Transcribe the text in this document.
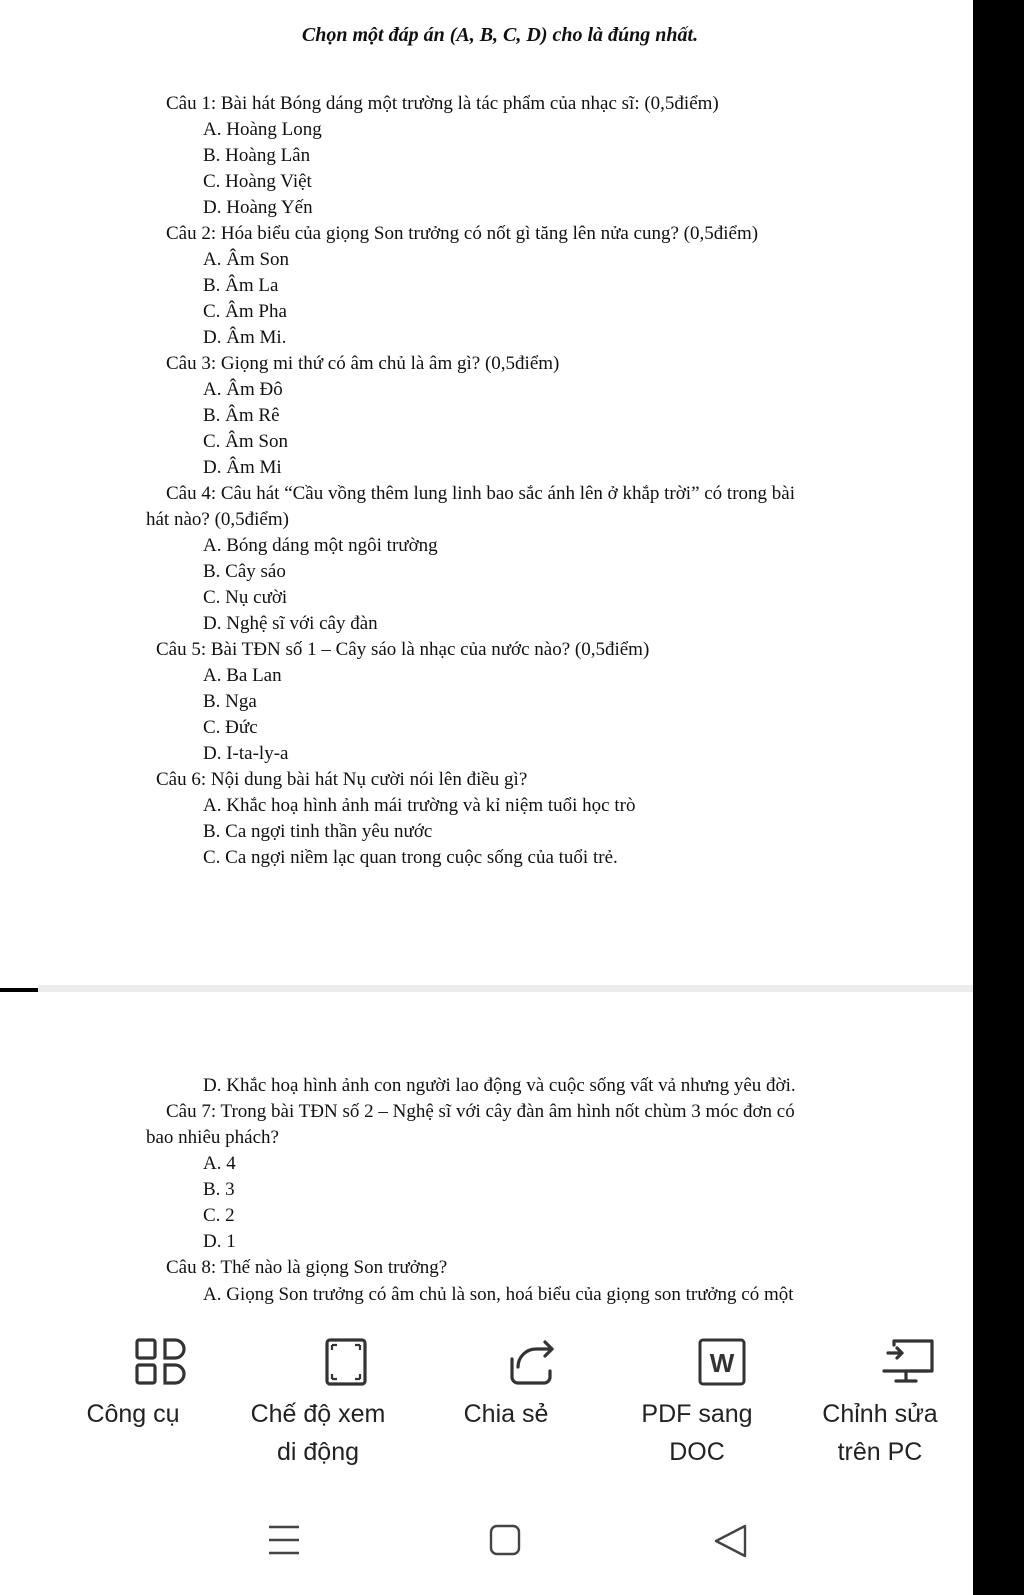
Chọn một đáp án (A, B, C, D) cho là đúng nhất.
Câu 1: Bài hát Bóng dáng một trường là tác phẩm của nhạc sĩ: (0,5điểm)
A. Hoàng Long
B. Hoàng Lân
C. Hoàng Việt
D. Hoàng Yến
Câu 2: Hóa biểu của giọng Son trưởng có nốt gì tăng lên nửa cung? (0,5điểm)
A. Âm Son
B. Âm La
C. Âm Pha
D. Âm Mi.
Câu 3: Giọng mi thứ có âm chủ là âm gì? (0,5điểm)
A. Âm Đô
B. Âm Rê
C. Âm Son
D. Âm Mi
Câu 4: Câu hát “Cầu vồng thêm lung linh bao sắc ánh lên ở khắp trời” có trong bài
hát nào? (0,5điểm)
A. Bóng dáng một ngôi trường
B. Cây sáo
C. Nụ cười
D. Nghệ sĩ với cây đàn
Câu 5: Bài TĐN số 1 – Cây sáo là nhạc của nước nào? (0,5điểm)
A. Ba Lan
B. Nga
C. Đức
D. I-ta-ly-a
Câu 6: Nội dung bài hát Nụ cười nói lên điều gì?
A. Khắc hoạ hình ảnh mái trường và kỉ niệm tuổi học trò
B. Ca ngợi tinh thần yêu nước
C. Ca ngợi niềm lạc quan trong cuộc sống của tuổi trẻ.
D. Khắc hoạ hình ảnh con người lao động và cuộc sống vất vả nhưng yêu đời.
Câu 7: Trong bài TĐN số 2 – Nghệ sĩ với cây đàn âm hình nốt chùm 3 móc đơn có
bao nhiêu phách?
A. 4
B. 3
C. 2
D. 1
Câu 8: Thế nào là giọng Son trưởng?
A. Giọng Son trưởng có âm chủ là son, hoá biểu của giọng son trưởng có một
Công cụ	Chế độ xem
di động
Chia sẻ
W
PDF sang
DOC
Chỉnh sửa
trên PC
